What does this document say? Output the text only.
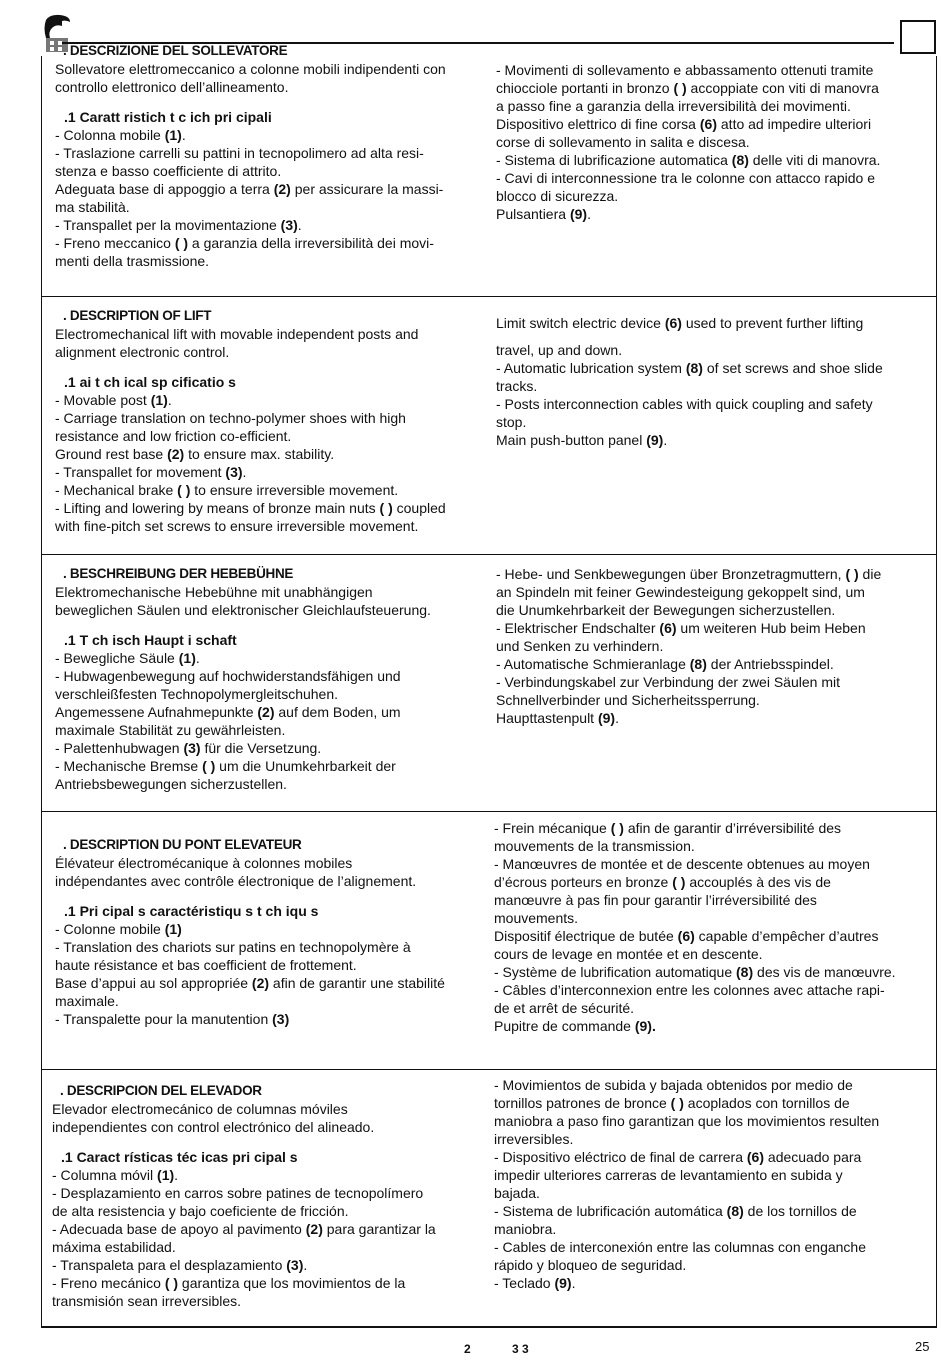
. DESCRIZIONE DEL SOLLEVATORE
Sollevatore elettromeccanico a colonne mobili indipendenti con
controllo elettronico dell’allineamento.
.1 Caratt ristich t c ich pri cipali
- Colonna mobile (1).
- Traslazione carrelli su pattini in tecnopolimero ad alta resi-
stenza e basso coefficiente di attrito.
Adeguata base di appoggio a terra (2) per assicurare la massi-
ma stabilità.
- Transpallet per la movimentazione (3).
- Freno meccanico ( ) a garanzia della irreversibilità dei movi-
menti della trasmissione.
- Movimenti di sollevamento e abbassamento ottenuti tramite
chiocciole portanti in bronzo ( ) accoppiate con viti di manovra
a passo fine a garanzia della irreversibilità dei movimenti.
Dispositivo elettrico di fine corsa (6) atto ad impedire ulteriori
corse di sollevamento in salita e discesa.
- Sistema di lubrificazione automatica (8) delle viti di manovra.
- Cavi di interconnessione tra le colonne con attacco rapido e
blocco di sicurezza.
Pulsantiera (9).
. DESCRIPTION OF LIFT
Electromechanical lift with movable independent posts and
alignment electronic control.
.1 ai t ch ical sp cificatio s
- Movable post (1).
- Carriage translation on techno-polymer shoes with high
resistance and low friction co-efficient.
Ground rest base (2) to ensure max. stability.
- Transpallet for movement (3).
- Mechanical brake ( ) to ensure irreversible movement.
- Lifting and lowering by means of bronze main nuts ( ) coupled
with fine-pitch set screws to ensure irreversible movement.
Limit switch electric device (6) used to prevent further lifting
travel, up and down.
- Automatic lubrication system (8) of set screws and shoe slide
tracks.
- Posts interconnection cables with quick coupling and safety
stop.
Main push-button panel (9).
. BESCHREIBUNG DER HEBEBÜHNE
Elektromechanische Hebebühne mit unabhängigen
beweglichen Säulen und elektronischer Gleichlaufsteuerung.
.1 T ch isch Haupt i schaft
- Bewegliche Säule (1).
- Hubwagenbewegung auf hochwiderstandsfähigen und
verschleißfesten Technopolymergleitschuhen.
Angemessene Aufnahmepunkte (2) auf dem Boden, um
maximale Stabilität zu gewährleisten.
- Palettenhubwagen (3) für die Versetzung.
- Mechanische Bremse ( ) um die Unumkehrbarkeit der
Antriebsbewegungen sicherzustellen.
- Hebe- und Senkbewegungen über Bronzetragmuttern, ( ) die
an Spindeln mit feiner Gewindesteigung gekoppelt sind, um
die Unumkehrbarkeit der Bewegungen sicherzustellen.
- Elektrischer Endschalter (6) um weiteren Hub beim Heben
und Senken zu verhindern.
- Automatische Schmieranlage (8) der Antriebsspindel.
- Verbindungskabel zur Verbindung der zwei Säulen mit
Schnellverbinder und Sicherheitssperrung.
Haupttastenpult (9).
. DESCRIPTION DU PONT ELEVATEUR
Élévateur électromécanique à colonnes mobiles
indépendantes avec contrôle électronique de l’alignement.
.1 Pri cipal s caractéristiqu s t ch iqu s
- Colonne mobile (1)
- Translation des chariots sur patins en technopolymère à
haute résistance et bas coefficient de frottement.
Base d’appui au sol appropriée (2) afin de garantir une stabilité
maximale.
- Transpalette pour la manutention (3)
- Frein mécanique ( ) afin de garantir d’irréversibilité des
mouvements de la transmission.
- Manœuvres de montée et de descente obtenues au moyen
d’écrous porteurs en bronze ( ) accouplés à des vis de
manœuvre à pas fin pour garantir l’irréversibilité des
mouvements.
Dispositif électrique de butée (6) capable d’empêcher d’autres
cours de levage en montée et en descente.
- Système de lubrification automatique (8) des vis de manœuvre.
- Câbles d’interconnexion entre les colonnes avec attache rapi-
de et arrêt de sécurité.
Pupitre de commande (9).
. DESCRIPCION DEL ELEVADOR
Elevador electromecánico de columnas móviles
independientes con control electrónico del alineado.
.1 Caract rísticas téc icas pri cipal s
- Columna móvil (1).
- Desplazamiento en carros sobre patines de tecnopolímero
de alta resistencia y bajo coeficiente de fricción.
- Adecuada base de apoyo al pavimento (2) para garantizar la
máxima estabilidad.
- Transpaleta para el desplazamiento (3).
- Freno mecánico ( ) garantiza que los movimientos de la
transmisión sean irreversibles.
- Movimientos de subida y bajada obtenidos por medio de
tornillos patrones de bronce ( ) acoplados con tornillos de
maniobra a paso fino garantizan que los movimientos resulten
irreversibles.
- Dispositivo eléctrico de final de carrera (6) adecuado para
impedir ulteriores carreras de levantamiento en subida y
bajada.
- Sistema de lubrificación automática (8) de los tornillos de
maniobra.
- Cables de interconexión entre las columnas con enganche
rápido y bloqueo de seguridad.
- Teclado (9).
2	3 3	25
